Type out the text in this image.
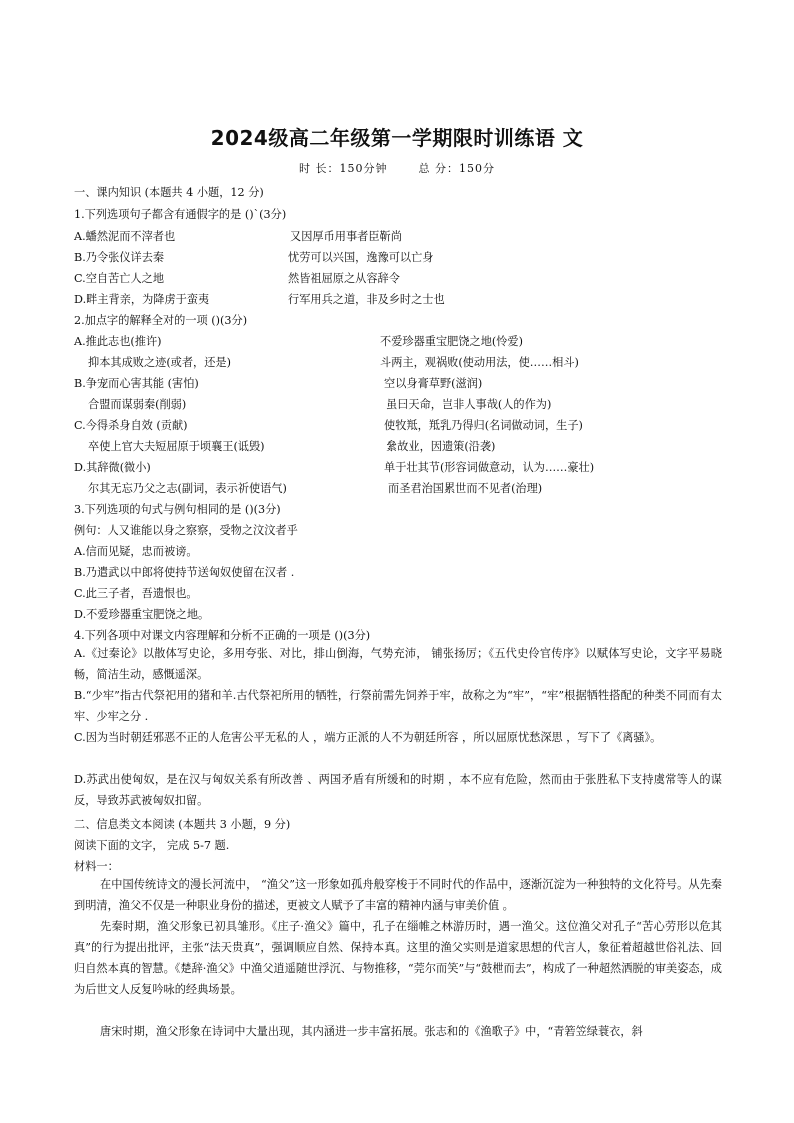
2024级高二年级第一学期限时训练语 文
时 长：150分钟	总 分：150分
一、课内知识 (本题共 4 小题，12 分)
1.下列选项句子都含有通假字的是 ()`(3分)
A.蟠然泥而不滓者也	又因厚币用事者臣靳尚
B.乃令张仪详去秦	忧劳可以兴国，逸豫可以亡身
C.空自苦亡人之地	然皆祖屈原之从容辞令
D.畔主背亲，为降虏于蛮夷	行军用兵之道，非及乡时之士也
2.加点字的解释全对的一项 ()(3分)
A.推此志也(推许)	不爱珍器重宝肥饶之地(怜爱)
抑本其成败之迹(或者，还是)	斗两主，观祸败(使动用法，使……相斗)
B.争宠而心害其能 (害怕)	空以身膏草野(滋润)
合盟而谋弱秦(削弱)	虽曰天命，岂非人事哉(人的作为)
C.今得杀身自效 (贡献)	使牧羝，羝乳乃得归(名词做动词，生子)
卒使上官大夫短屈原于顷襄王(诋毁)	絫故业，因遗策(沿袭)
D.其辞微(微小)	单于壮其节(形容词做意动，认为……豪壮)
尔其无忘乃父之志(副词，表示祈使语气)	而圣君治国累世而不见者(治理)
3.下列选项的句式与例句相同的是 ()(3分)
例句：人又谁能以身之察察，受物之汶汶者乎
A.信而见疑，忠而被谤。
B.乃遣武以中郎将使持节送匈奴使留在汉者 .
C.此三子者，吾遗恨也。
D.不爱珍器重宝肥饶之地。
4.下列各项中对课文内容理解和分析不正确的一项是 ()(3分)
A.《过秦论》以散体写史论，多用夸张、对比，排山倒海，气势充沛， 铺张扬厉；《五代史伶官传序》以赋体写史论，文字平易晓畅，简洁生动，感慨遥深。
B.“少牢”指古代祭祀用的猪和羊.古代祭祀所用的牺牲，行祭前需先饲养于牢，故称之为“牢”，“牢”根据牺牲搭配的种类不同而有太牢、少牢之分 .
C.因为当时朝廷邪恶不正的人危害公平无私的人 ，端方正派的人不为朝廷所容 ，所以屈原忧愁深思 ，写下了《离骚》。
D.苏武出使匈奴，是在汉与匈奴关系有所改善 、两国矛盾有所缓和的时期 ，本不应有危险，然而由于张胜私下支持虞常等人的谋反，导致苏武被匈奴扣留。
二、信息类文本阅读 (本题共 3 小题，9 分)
阅读下面的文字， 完成 5-7 题.
材料一：
在中国传统诗文的漫长河流中， “渔父”这一形象如孤舟般穿梭于不同时代的作品中，逐渐沉淀为一种独特的文化符号。从先秦到明清，渔父不仅是一种职业身份的描述，更被文人赋予了丰富的精神内涵与审美价值 。
先秦时期，渔父形象已初具雏形。《庄子·渔父》篇中，孔子在缁帷之林游历时，遇一渔父。这位渔父对孔子“苦心劳形以危其真”的行为提出批评，主张“法天贵真”，强调顺应自然、保持本真。这里的渔父实则是道家思想的代言人，象征着超越世俗礼法、回归自然本真的智慧。《楚辞·渔父》中渔父逍遥随世浮沉、与物推移，“莞尔而笑”与“鼓枻而去”，构成了一种超然洒脱的审美姿态，成为后世文人反复吟咏的经典场景。
唐宋时期，渔父形象在诗词中大量出现，其内涵进一步丰富拓展。张志和的《渔歌子》中，“青箬笠绿蓑衣，斜
